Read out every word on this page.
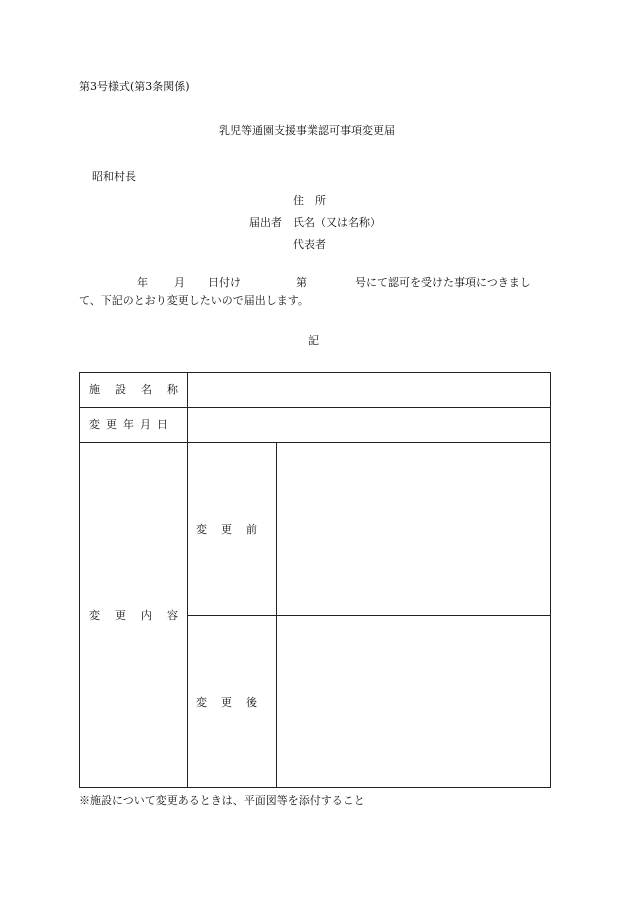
第3号様式(第3条関係)
乳児等通園支援事業認可事項変更届
昭和村長
住　所
届出者 氏名（又は名称）
代表者
年 月 日付け	第	号にて認可を受けた事項につきまし
て、下記のとおり変更したいので届出します。
記
施設名称
変更年月日
変更内容
変更前
変更後
※施設について変更あるときは、平面図等を添付すること
